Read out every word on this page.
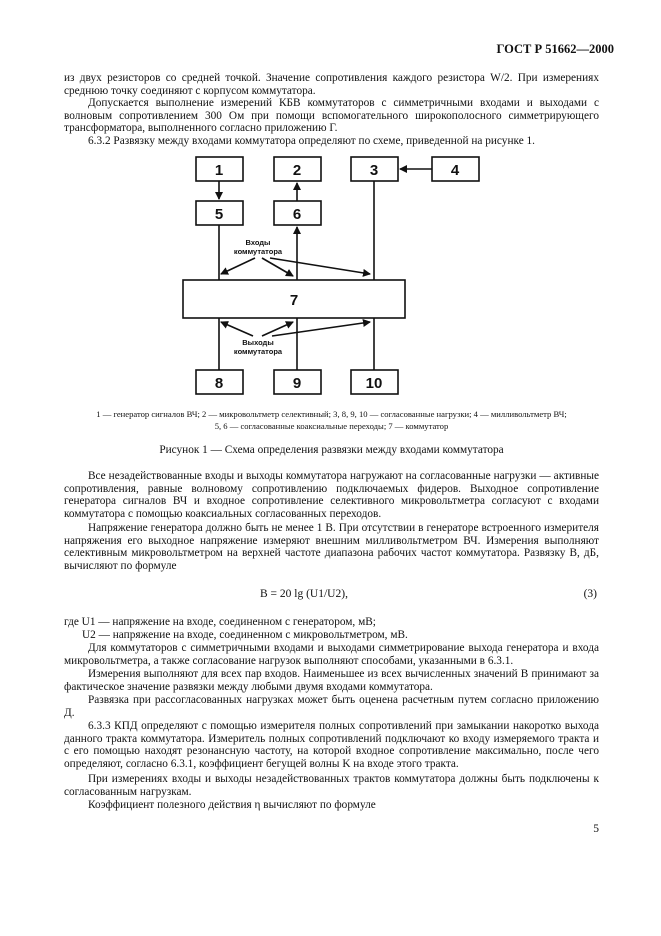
ГОСТ Р 51662—2000

из двух резисторов со средней точкой. Значение сопротивления каждого резистора W/2. При измерениях среднюю точку соединяют с корпусом коммутатора.

Допускается выполнение измерений КБВ коммутаторов с симметричными входами и выходами с волновым сопротивлением 300 Ом при помощи вспомогательного широкополосного симметрирующего трансформатора, выполненного согласно приложению Г.

6.3.2 Развязку между входами коммутатора определяют по схеме, приведенной на рисунке 1.

1	2	3	4
5	6
7
8	9	10
Входы
коммутатора
Выходы
коммутатора
1 — генератор сигналов ВЧ; 2 — микровольтметр селективный; 3, 8, 9, 10 — согласованные нагрузки; 4 — милливольтметр ВЧ;
5, 6 — согласованные коаксиальные переходы; 7 — коммутатор
Рисунок 1 — Схема определения развязки между входами коммутатора

Все незадействованные входы и выходы коммутатора нагружают на согласованные нагрузки — активные сопротивления, равные волновому сопротивлению подключаемых фидеров. Выходное сопротивление генератора сигналов ВЧ и входное сопротивление селективного микровольтметра согласуют с входами коммутатора с помощью коаксиальных согласованных переходов.

Напряжение генератора должно быть не менее 1 В. При отсутствии в генераторе встроенного измерителя напряжения его выходное напряжение измеряют внешним милливольтметром ВЧ. Измерения выполняют селективным микровольтметром на верхней частоте диапазона рабочих частот коммутатора. Развязку B, дБ, вычисляют по формуле

B = 20 lg (U1/U2),	(3)

где U1 — напряжение на входе, соединенном с генератором, мВ;

U2 — напряжение на входе, соединенном с микровольтметром, мВ.

Для коммутаторов с симметричными входами и выходами симметрирование выхода генератора и входа микровольтметра, а также согласование нагрузок выполняют способами, указанными в 6.3.1.

Измерения выполняют для всех пар входов. Наименьшее из всех вычисленных значений B принимают за фактическое значение развязки между любыми двумя входами коммутатора.

Развязка при рассогласованных нагрузках может быть оценена расчетным путем согласно приложению Д.

6.3.3 КПД определяют с помощью измерителя полных сопротивлений при замыкании накоротко выхода данного тракта коммутатора. Измеритель полных сопротивлений подключают ко входу измеряемого тракта и с его помощью находят резонансную частоту, на которой входное сопротивление максимально, после чего определяют, согласно 6.3.1, коэффициент бегущей волны K на входе этого тракта.

При измерениях входы и выходы незадействованных трактов коммутатора должны быть подключены к согласованным нагрузкам.

Коэффициент полезного действия η вычисляют по формуле

5
